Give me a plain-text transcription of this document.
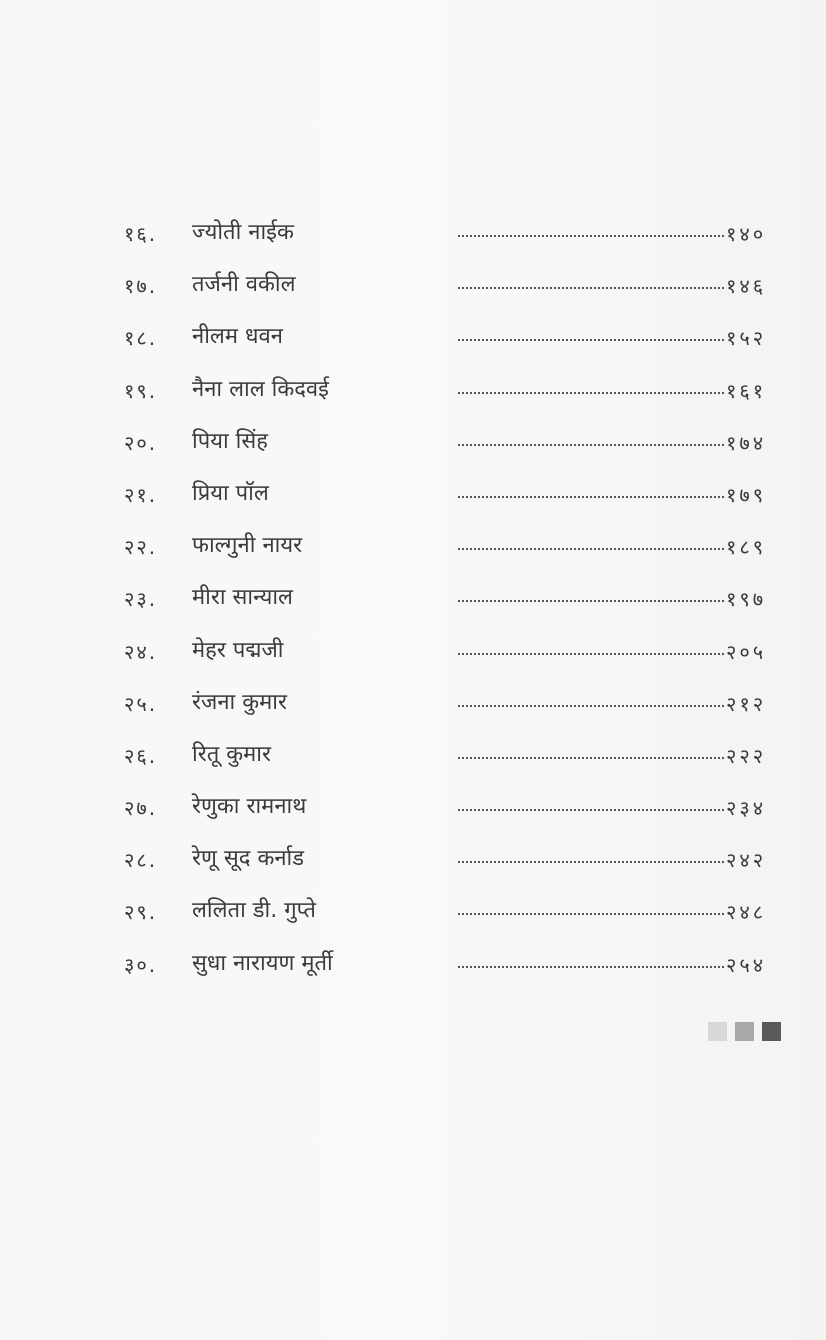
१६. ज्योती नाईक	१४०
१७. तर्जनी वकील	१४६
१८. नीलम धवन	१५२
१९. नैना लाल किदवई	१६१
२०. पिया सिंह	१७४
२१. प्रिया पॉल	१७९
२२. फाल्गुनी नायर	१८९
२३. मीरा सान्याल	१९७
२४. मेहर पद्मजी	२०५
२५. रंजना कुमार	२१२
२६. रितू कुमार	२२२
२७. रेणुका रामनाथ	२३४
२८. रेणू सूद कर्नाड	२४२
२९. ललिता डी. गुप्ते	२४८
३०. सुधा नारायण मूर्ती	२५४
